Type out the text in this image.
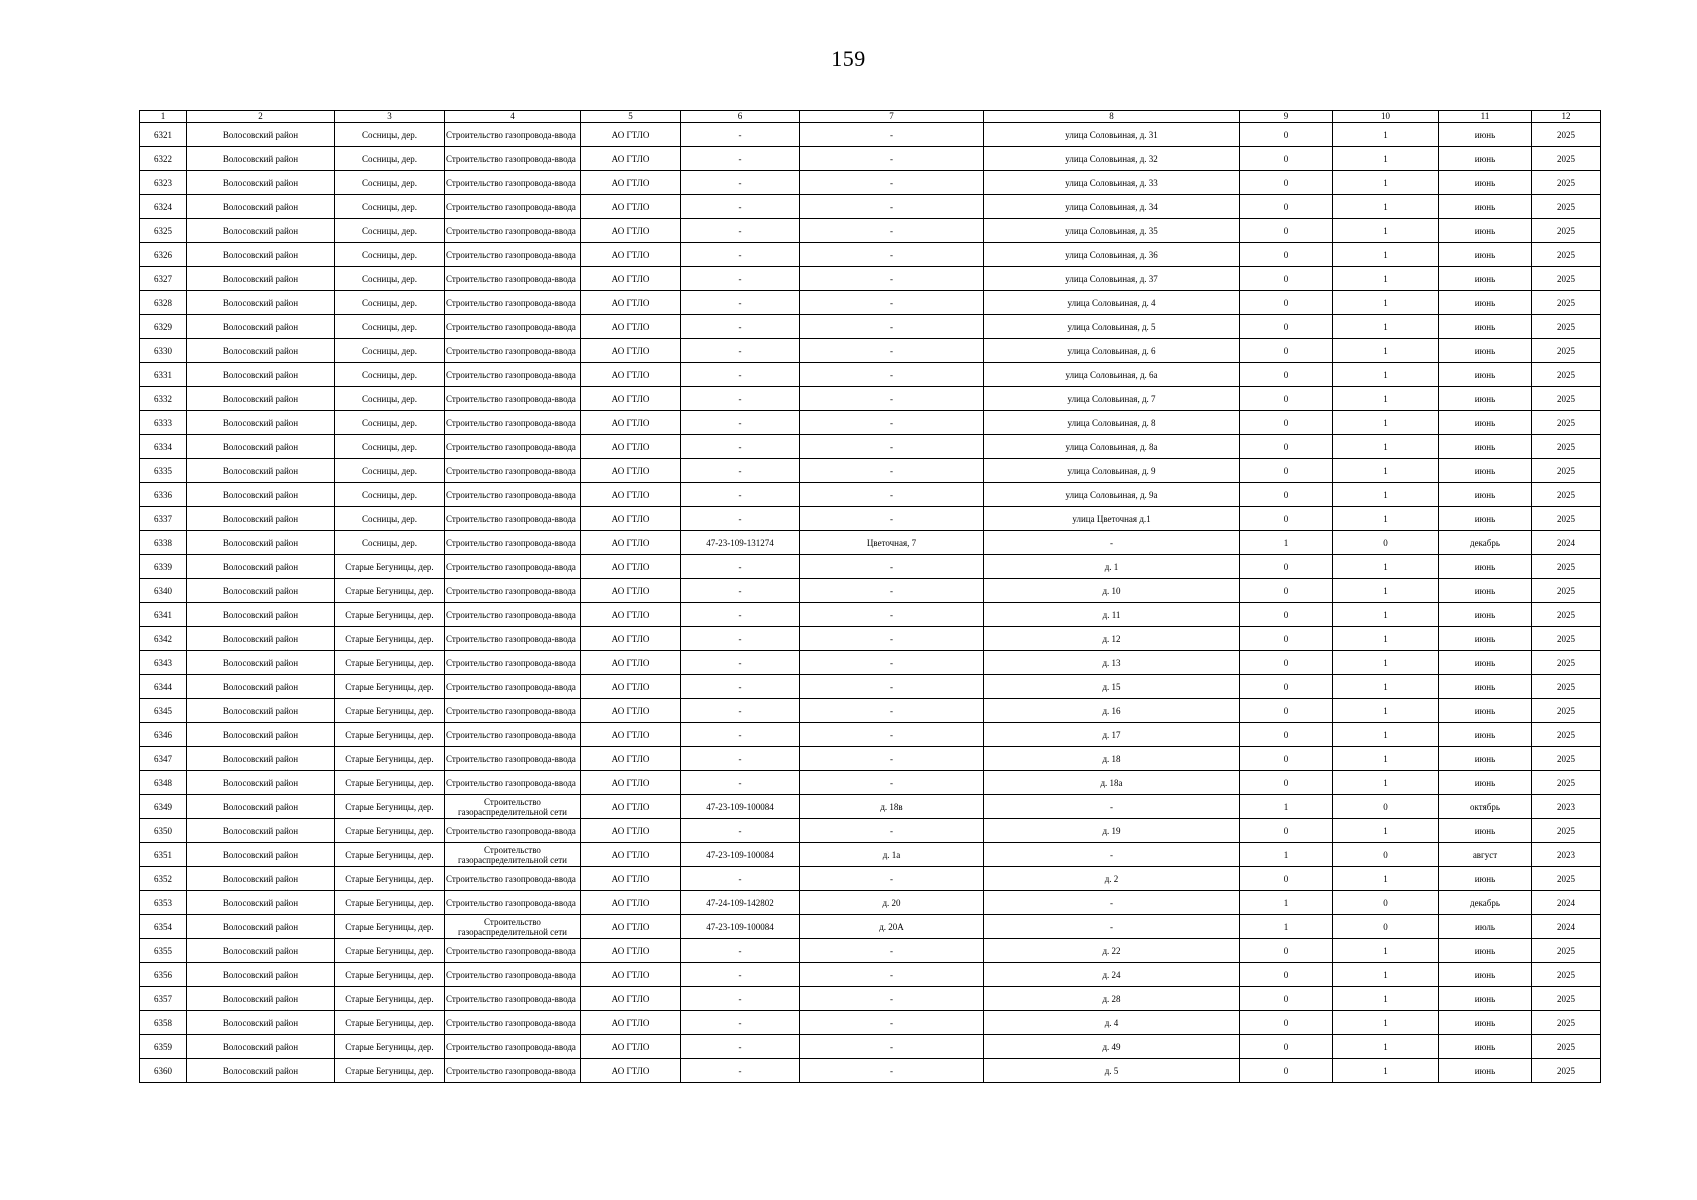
159
1	2	3	4	5	6	7	8	9	10	11	12
6321	Волосовский район	Сосницы, дер.	Строительство газопровода-ввода	АО ГТЛО	-	-	улица Соловьиная, д. 31	0	1	июнь	2025
6322	Волосовский район	Сосницы, дер.	Строительство газопровода-ввода	АО ГТЛО	-	-	улица Соловьиная, д. 32	0	1	июнь	2025
6323	Волосовский район	Сосницы, дер.	Строительство газопровода-ввода	АО ГТЛО	-	-	улица Соловьиная, д. 33	0	1	июнь	2025
6324	Волосовский район	Сосницы, дер.	Строительство газопровода-ввода	АО ГТЛО	-	-	улица Соловьиная, д. 34	0	1	июнь	2025
6325	Волосовский район	Сосницы, дер.	Строительство газопровода-ввода	АО ГТЛО	-	-	улица Соловьиная, д. 35	0	1	июнь	2025
6326	Волосовский район	Сосницы, дер.	Строительство газопровода-ввода	АО ГТЛО	-	-	улица Соловьиная, д. 36	0	1	июнь	2025
6327	Волосовский район	Сосницы, дер.	Строительство газопровода-ввода	АО ГТЛО	-	-	улица Соловьиная, д. 37	0	1	июнь	2025
6328	Волосовский район	Сосницы, дер.	Строительство газопровода-ввода	АО ГТЛО	-	-	улица Соловьиная, д. 4	0	1	июнь	2025
6329	Волосовский район	Сосницы, дер.	Строительство газопровода-ввода	АО ГТЛО	-	-	улица Соловьиная, д. 5	0	1	июнь	2025
6330	Волосовский район	Сосницы, дер.	Строительство газопровода-ввода	АО ГТЛО	-	-	улица Соловьиная, д. 6	0	1	июнь	2025
6331	Волосовский район	Сосницы, дер.	Строительство газопровода-ввода	АО ГТЛО	-	-	улица Соловьиная, д. 6а	0	1	июнь	2025
6332	Волосовский район	Сосницы, дер.	Строительство газопровода-ввода	АО ГТЛО	-	-	улица Соловьиная, д. 7	0	1	июнь	2025
6333	Волосовский район	Сосницы, дер.	Строительство газопровода-ввода	АО ГТЛО	-	-	улица Соловьиная, д. 8	0	1	июнь	2025
6334	Волосовский район	Сосницы, дер.	Строительство газопровода-ввода	АО ГТЛО	-	-	улица Соловьиная, д. 8а	0	1	июнь	2025
6335	Волосовский район	Сосницы, дер.	Строительство газопровода-ввода	АО ГТЛО	-	-	улица Соловьиная, д. 9	0	1	июнь	2025
6336	Волосовский район	Сосницы, дер.	Строительство газопровода-ввода	АО ГТЛО	-	-	улица Соловьиная, д. 9а	0	1	июнь	2025
6337	Волосовский район	Сосницы, дер.	Строительство газопровода-ввода	АО ГТЛО	-	-	улица Цветочная д.1	0	1	июнь	2025
6338	Волосовский район	Сосницы, дер.	Строительство газопровода-ввода	АО ГТЛО	47-23-109-131274	Цветочная, 7	-	1	0	декабрь	2024
6339	Волосовский район	Старые Бегуницы, дер.	Строительство газопровода-ввода	АО ГТЛО	-	-	д. 1	0	1	июнь	2025
6340	Волосовский район	Старые Бегуницы, дер.	Строительство газопровода-ввода	АО ГТЛО	-	-	д. 10	0	1	июнь	2025
6341	Волосовский район	Старые Бегуницы, дер.	Строительство газопровода-ввода	АО ГТЛО	-	-	д. 11	0	1	июнь	2025
6342	Волосовский район	Старые Бегуницы, дер.	Строительство газопровода-ввода	АО ГТЛО	-	-	д. 12	0	1	июнь	2025
6343	Волосовский район	Старые Бегуницы, дер.	Строительство газопровода-ввода	АО ГТЛО	-	-	д. 13	0	1	июнь	2025
6344	Волосовский район	Старые Бегуницы, дер.	Строительство газопровода-ввода	АО ГТЛО	-	-	д. 15	0	1	июнь	2025
6345	Волосовский район	Старые Бегуницы, дер.	Строительство газопровода-ввода	АО ГТЛО	-	-	д. 16	0	1	июнь	2025
6346	Волосовский район	Старые Бегуницы, дер.	Строительство газопровода-ввода	АО ГТЛО	-	-	д. 17	0	1	июнь	2025
6347	Волосовский район	Старые Бегуницы, дер.	Строительство газопровода-ввода	АО ГТЛО	-	-	д. 18	0	1	июнь	2025
6348	Волосовский район	Старые Бегуницы, дер.	Строительство газопровода-ввода	АО ГТЛО	-	-	д. 18а	0	1	июнь	2025
6349	Волосовский район	Старые Бегуницы, дер.	Строительство газораспределительной сети	АО ГТЛО	47-23-109-100084	д. 18в	-	1	0	октябрь	2023
6350	Волосовский район	Старые Бегуницы, дер.	Строительство газопровода-ввода	АО ГТЛО	-	-	д. 19	0	1	июнь	2025
6351	Волосовский район	Старые Бегуницы, дер.	Строительство газораспределительной сети	АО ГТЛО	47-23-109-100084	д. 1а	-	1	0	август	2023
6352	Волосовский район	Старые Бегуницы, дер.	Строительство газопровода-ввода	АО ГТЛО	-	-	д. 2	0	1	июнь	2025
6353	Волосовский район	Старые Бегуницы, дер.	Строительство газопровода-ввода	АО ГТЛО	47-24-109-142802	д. 20	-	1	0	декабрь	2024
6354	Волосовский район	Старые Бегуницы, дер.	Строительство газораспределительной сети	АО ГТЛО	47-23-109-100084	д. 20А	-	1	0	июль	2024
6355	Волосовский район	Старые Бегуницы, дер.	Строительство газопровода-ввода	АО ГТЛО	-	-	д. 22	0	1	июнь	2025
6356	Волосовский район	Старые Бегуницы, дер.	Строительство газопровода-ввода	АО ГТЛО	-	-	д. 24	0	1	июнь	2025
6357	Волосовский район	Старые Бегуницы, дер.	Строительство газопровода-ввода	АО ГТЛО	-	-	д. 28	0	1	июнь	2025
6358	Волосовский район	Старые Бегуницы, дер.	Строительство газопровода-ввода	АО ГТЛО	-	-	д. 4	0	1	июнь	2025
6359	Волосовский район	Старые Бегуницы, дер.	Строительство газопровода-ввода	АО ГТЛО	-	-	д. 49	0	1	июнь	2025
6360	Волосовский район	Старые Бегуницы, дер.	Строительство газопровода-ввода	АО ГТЛО	-	-	д. 5	0	1	июнь	2025
